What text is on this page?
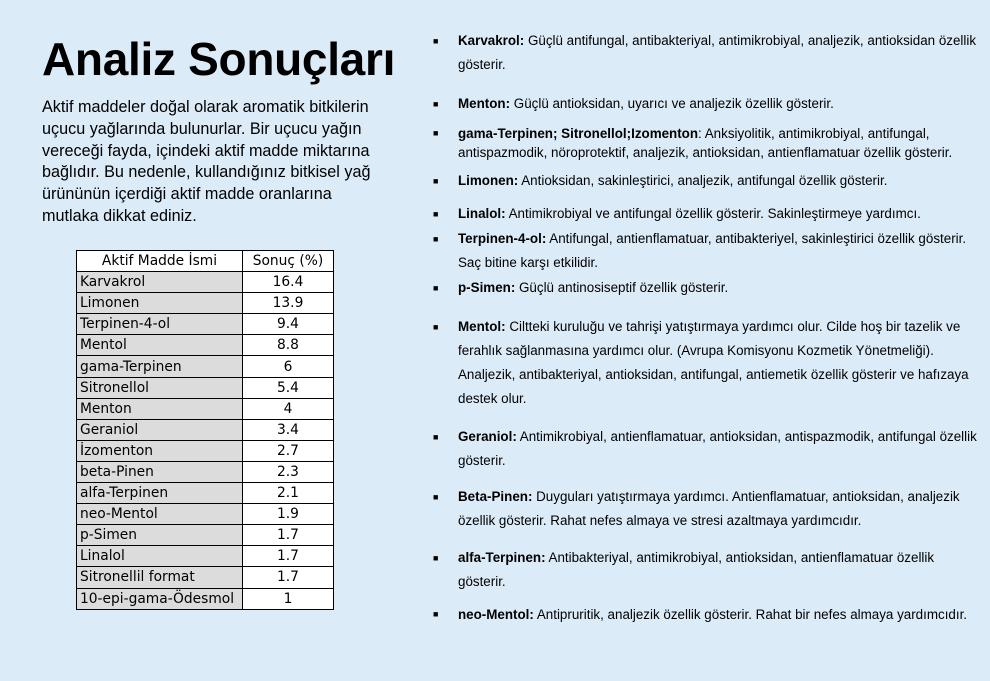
Analiz Sonuçları
Aktif maddeler doğal olarak aromatik bitkilerin uçucu yağlarında bulunurlar. Bir uçucu yağın vereceği fayda, içindeki aktif madde miktarına bağlıdır. Bu nedenle, kullandığınız bitkisel yağ ürününün içerdiği aktif madde oranlarına mutlaka dikkat ediniz.
Aktif Madde İsmi	Sonuç (%)
Karvakrol	16.4
Limonen	13.9
Terpinen-4-ol	9.4
Mentol	8.8
gama-Terpinen	6
Sitronellol	5.4
Menton	4
Geraniol	3.4
İzomenton	2.7
beta-Pinen	2.3
alfa-Terpinen	2.1
neo-Mentol	1.9
p-Simen	1.7
Linalol	1.7
Sitronellil format	1.7
10-epi-gama-Ödesmol	1
■ Karvakrol: Güçlü antifungal, antibakteriyal, antimikrobiyal, analjezik, antioksidan özellik gösterir.
■ Menton: Güçlü antioksidan, uyarıcı ve analjezik özellik gösterir.
■ gama-Terpinen; Sitronellol;Izomenton: Anksiyolitik, antimikrobiyal, antifungal, antispazmodik, nöroprotektif, analjezik, antioksidan, antienflamatuar özellik gösterir.
■ Limonen: Antioksidan, sakinleştirici, analjezik, antifungal özellik gösterir.
■ Linalol: Antimikrobiyal ve antifungal özellik gösterir. Sakinleştirmeye yardımcı.
■ Terpinen-4-ol: Antifungal, antienflamatuar, antibakteriyel, sakinleştirici özellik gösterir. Saç bitine karşı etkilidir.
■ p-Simen: Güçlü antinosiseptif özellik gösterir.
■ Mentol: Ciltteki kuruluğu ve tahrişi yatıştırmaya yardımcı olur. Cilde hoş bir tazelik ve ferahlık sağlanmasına yardımcı olur. (Avrupa Komisyonu Kozmetik Yönetmeliği). Analjezik, antibakteriyal, antioksidan, antifungal, antiemetik özellik gösterir ve hafızaya destek olur.
■ Geraniol: Antimikrobiyal, antienflamatuar, antioksidan, antispazmodik, antifungal özellik gösterir.
■ Beta-Pinen: Duyguları yatıştırmaya yardımcı. Antienflamatuar, antioksidan, analjezik özellik gösterir. Rahat nefes almaya ve stresi azaltmaya yardımcıdır.
■ alfa-Terpinen: Antibakteriyal, antimikrobiyal, antioksidan, antienflamatuar özellik gösterir.
■ neo-Mentol: Antipruritik, analjezik özellik gösterir. Rahat bir nefes almaya yardımcıdır.
